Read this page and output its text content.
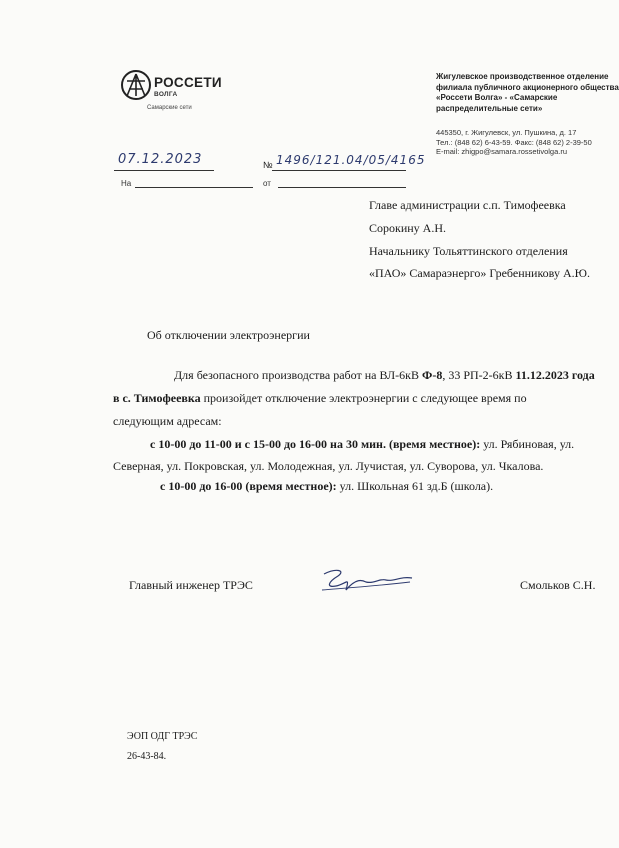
РОССЕТИ
ВОЛГА
Самарские сети
Жигулевское производственное отделение
филиала публичного акционерного общества
«Россети Волга» - «Самарские
распределительные сети»
445350, г. Жигулевск, ул. Пушкина, д. 17
Тел.: (848 62) 6-43-59. Факс: (848 62) 2-39-50
E-mail: zhigpo@samara.rossetivolga.ru
07.12.2023	№ 1496/121.04/05/4165
На	от
Главе администрации с.п. Тимофеевка
Сорокину А.Н.
Начальнику Тольяттинского отделения
«ПАО» Самараэнерго» Гребенникову А.Ю.
Об отключении электроэнергии
Для безопасного производства работ на ВЛ-6кВ Ф-8, 33 РП-2-6кВ 11.12.2023 года
в с. Тимофеевка произойдет отключение электроэнергии с следующее время по
следующим адресам:
с 10-00 до 11-00 и с 15-00 до 16-00 на 30 мин. (время местное): ул. Рябиновая, ул.
Северная, ул. Покровская, ул. Молодежная, ул. Лучистая, ул. Суворова, ул. Чкалова.
с 10-00 до 16-00 (время местное): ул. Школьная 61 зд.Б (школа).
Главный инженер ТРЭС	Смольков С.Н.
ЭОП ОДГ ТРЭС
26-43-84.
